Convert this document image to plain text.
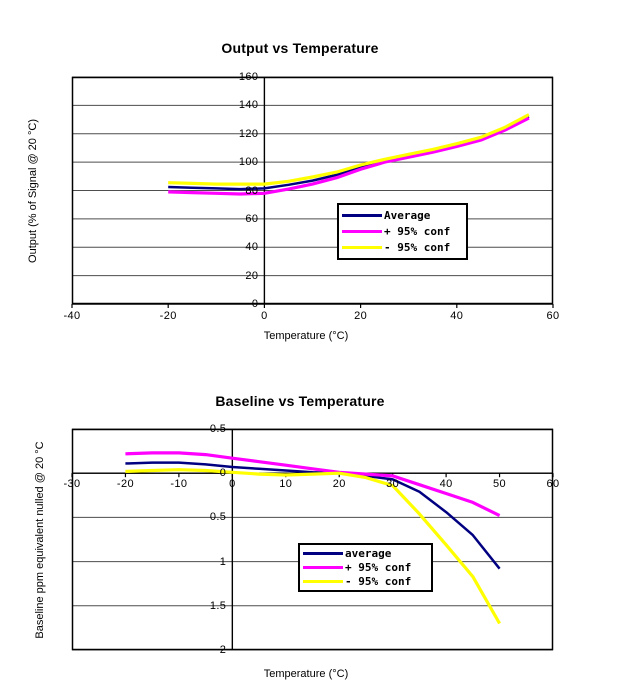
Output vs Temperature
Output (% of Signal @ 20 °C)
Temperature (°C)
Average
+ 95% conf
- 95% conf
Baseline vs Temperature
Baseline ppm equivalent nulled @ 20 °C
Temperature (°C)
average
+ 95% conf
- 95% conf
-40	-20	0	20	40	60
160
140
120
100
80
60
40
20
0
-30	-20	-10	0	10	20	30	40	50	60
0.5
0
0.5
1
1.5
2
